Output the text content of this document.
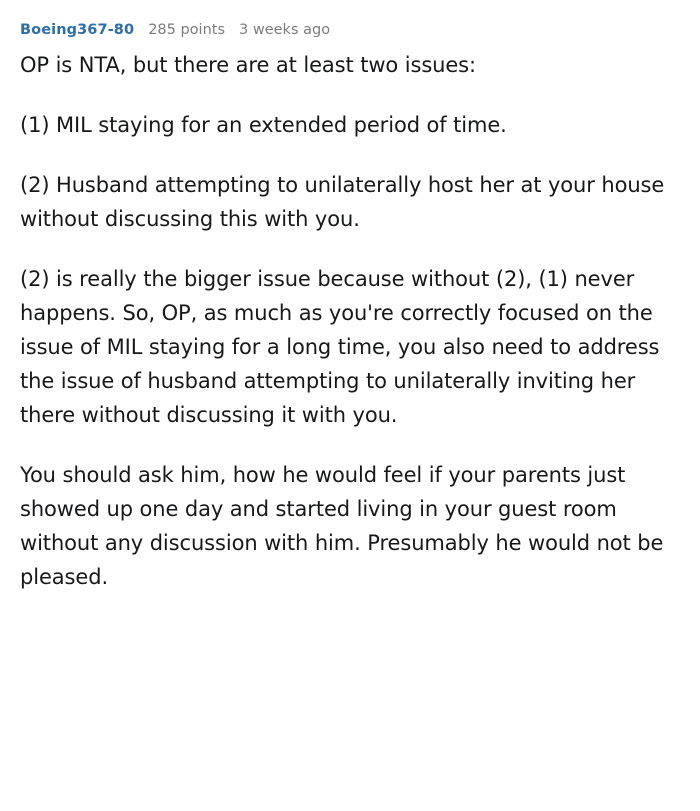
Boeing367-80 285 points 3 weeks ago

OP is NTA, but there are at least two issues:

(1) MIL staying for an extended period of time.

(2) Husband attempting to unilaterally host her at your house without discussing this with you.

(2) is really the bigger issue because without (2), (1) never happens. So, OP, as much as you're correctly focused on the issue of MIL staying for a long time, you also need to address the issue of husband attempting to unilaterally inviting her there without discussing it with you.

You should ask him, how he would feel if your parents just showed up one day and started living in your guest room without any discussion with him. Presumably he would not be pleased.
